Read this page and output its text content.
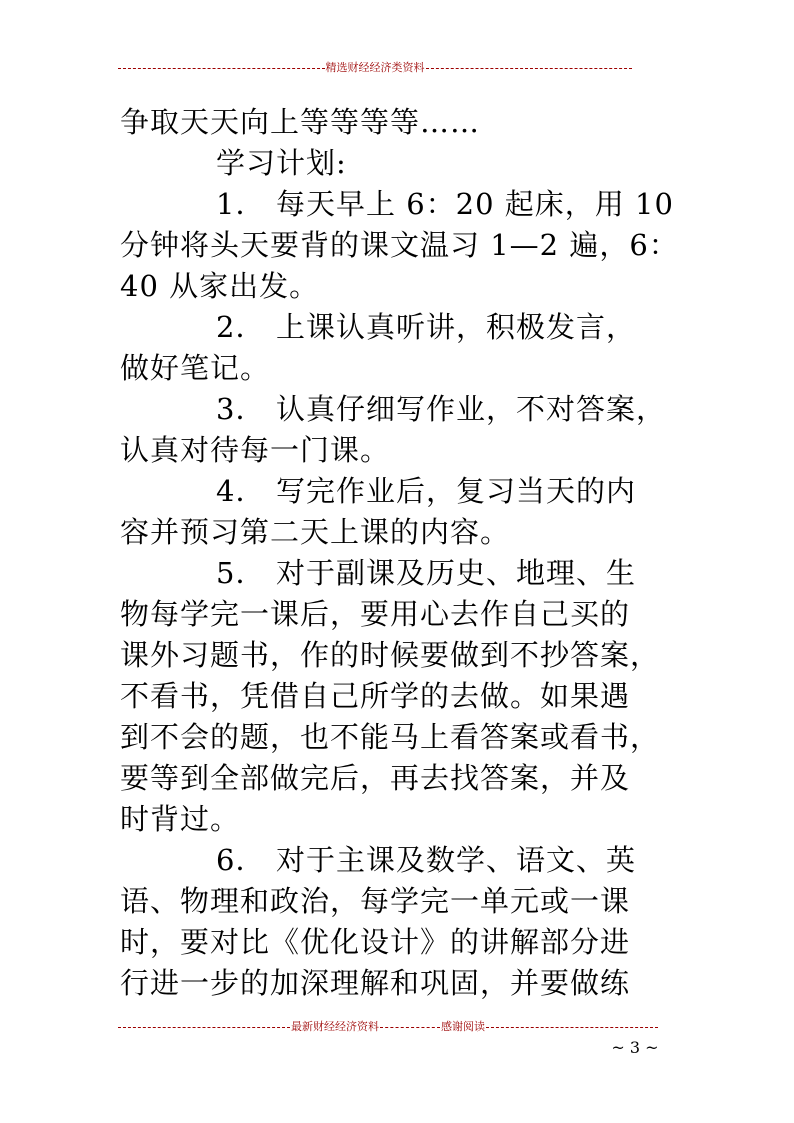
精选财经经济类资料
争取天天向上等等等等……
学习计划:
1． 每天早上 6：20 起床，用 10
分钟将头天要背的课文温习 1—2 遍，6：
40 从家出发。
2． 上课认真听讲，积极发言，
做好笔记。
3． 认真仔细写作业，不对答案，
认真对待每一门课。
4． 写完作业后，复习当天的内
容并预习第二天上课的内容。
5． 对于副课及历史、地理、生
物每学完一课后，要用心去作自己买的
课外习题书，作的时候要做到不抄答案，
不看书，凭借自己所学的去做。如果遇
到不会的题，也不能马上看答案或看书，
要等到全部做完后，再去找答案，并及
时背过。
6． 对于主课及数学、语文、英
语、物理和政治，每学完一单元或一课
时，要对比《优化设计》的讲解部分进
行进一步的加深理解和巩固，并要做练
最新财经经济资料	感谢阅读
~ 3 ~
